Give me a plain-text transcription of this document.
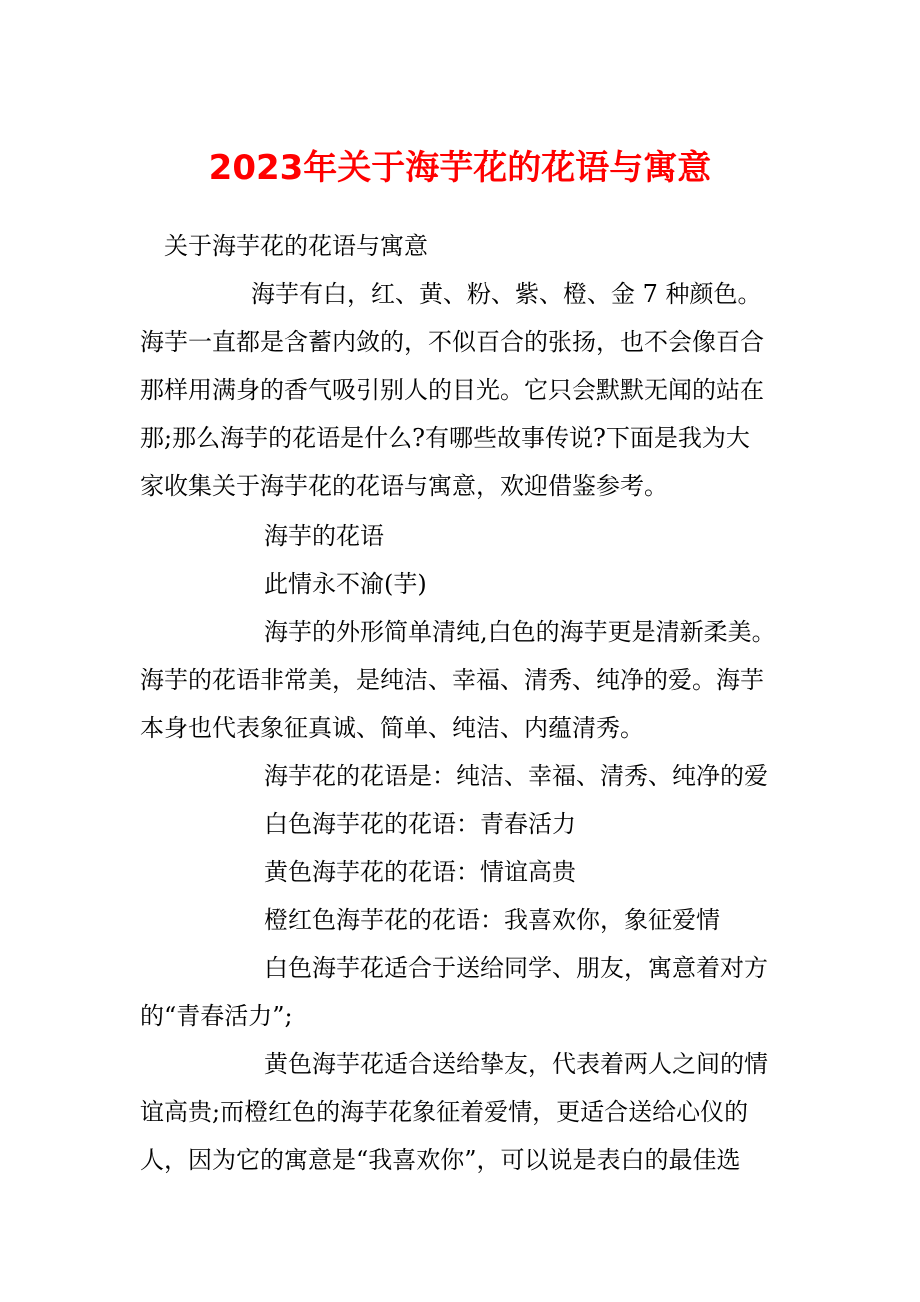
2023年关于海芋花的花语与寓意
关于海芋花的花语与寓意
海芋有白，红、黄、粉、紫、橙、金 7 种颜色。
海芋一直都是含蓄内敛的，不似百合的张扬，也不会像百合
那样用满身的香气吸引别人的目光。它只会默默无闻的站在
那;那么海芋的花语是什么?有哪些故事传说?下面是我为大
家收集关于海芋花的花语与寓意，欢迎借鉴参考。
海芋的花语
此情永不渝(芋)
海芋的外形简单清纯,白色的海芋更是清新柔美。
海芋的花语非常美，是纯洁、幸福、清秀、纯净的爱。海芋
本身也代表象征真诚、简单、纯洁、内蕴清秀。
海芋花的花语是：纯洁、幸福、清秀、纯净的爱
白色海芋花的花语：青春活力
黄色海芋花的花语：情谊高贵
橙红色海芋花的花语：我喜欢你，象征爱情
白色海芋花适合于送给同学、朋友，寓意着对方
的“青春活力”;
黄色海芋花适合送给挚友，代表着两人之间的情
谊高贵;而橙红色的海芋花象征着爱情，更适合送给心仪的
人，因为它的寓意是“我喜欢你”，可以说是表白的最佳选
